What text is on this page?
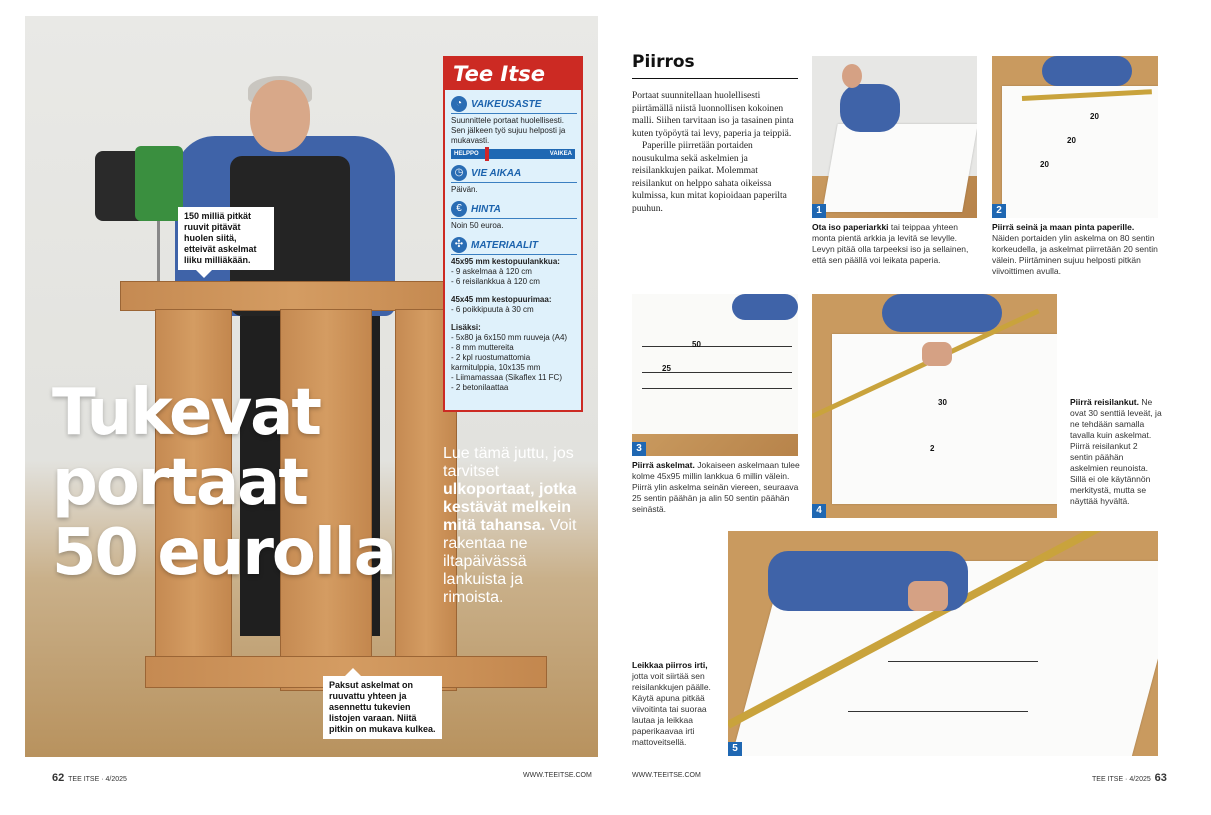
Tukevat
portaat
50 eurolla
Lue tämä juttu, jos tarvitset ulkoportaat, jotka kestävät melkein mitä tahansa. Voit rakentaa ne iltapäivässä lankuista ja rimoista.
150 milliä pitkät ruuvit pitävät huolen siitä, etteivät askelmat liiku milliäkään.
Paksut askelmat on ruuvattu yhteen ja asennettu tukevien listojen varaan. Niitä pitkin on mukava kulkea.
Tee Itse
◔ VAIKEUSASTE
Suunnittele portaat huolellisesti. Sen jälkeen työ sujuu helposti ja mukavasti.
HELPPO	VAIKEA
◷ VIE AIKAA
Päivän.
€ HINTA
Noin 50 euroa.
✣ MATERIAALIT
45x95 mm kestopuulankkua:
- 9 askelmaa à 120 cm
- 6 reisilankkua à 120 cm
45x45 mm kestopuurimaa:
- 6 poikkipuuta à 30 cm
Lisäksi:
- 5x80 ja 6x150 mm ruuveja (A4)
- 8 mm muttereita
- 2 kpl ruostumattomia karmitulppia, 10x135 mm
- Liimamassaa (Sikaflex 11 FC)
- 2 betonilaattaa
62 TEE ITSE · 4/2025
WWW.TEEITSE.COM
Piirros

Portaat suunnitellaan huolellisesti piirtämällä niistä luonnollisen kokoinen malli. Siihen tarvitaan iso ja tasainen pinta kuten työpöytä tai levy, paperia ja teippiä.

Paperille piirretään portaiden nousukulma sekä askelmien ja reisilankkujen paikat. Molemmat reisilankut on helppo sahata oikeissa kulmissa, kun mitat kopioidaan paperilta puuhun.	1
Ota iso paperiarkki tai teippaa yhteen monta pientä arkkia ja levitä se levylle. Levyn pitää olla tarpeeksi iso ja sellainen, että sen päällä voi leikata paperia.
20
20
20
2
Piirrä seinä ja maan pinta paperille. Näiden portaiden ylin askelma on 80 sentin korkeudella, ja askelmat piirretään 20 sentin välein. Piirtäminen sujuu helposti pitkän viivoittimen avulla.
50
25
3
Piirrä askelmat. Jokaiseen askelmaan tulee kolme 45x95 millin lankkua 6 millin välein. Piirrä ylin askelma seinän viereen, seuraava 25 sentin päähän ja alin 50 sentin päähän seinästä.
30
2
4
Piirrä reisilankut. Ne ovat 30 senttiä leveät, ja ne tehdään samalla tavalla kuin askelmat. Piirrä reisilankut 2 sentin päähän askelmien reunoista. Sillä ei ole käytännön merkitystä, mutta se näyttää hyvältä.
5
Leikkaa piirros irti, jotta voit siirtää sen reisilankkujen päälle. Käytä apuna pitkää viivoitinta tai suoraa lautaa ja leikkaa paperikaavaa irti mattoveitsellä.
WWW.TEEITSE.COM
TEE ITSE · 4/2025 63
